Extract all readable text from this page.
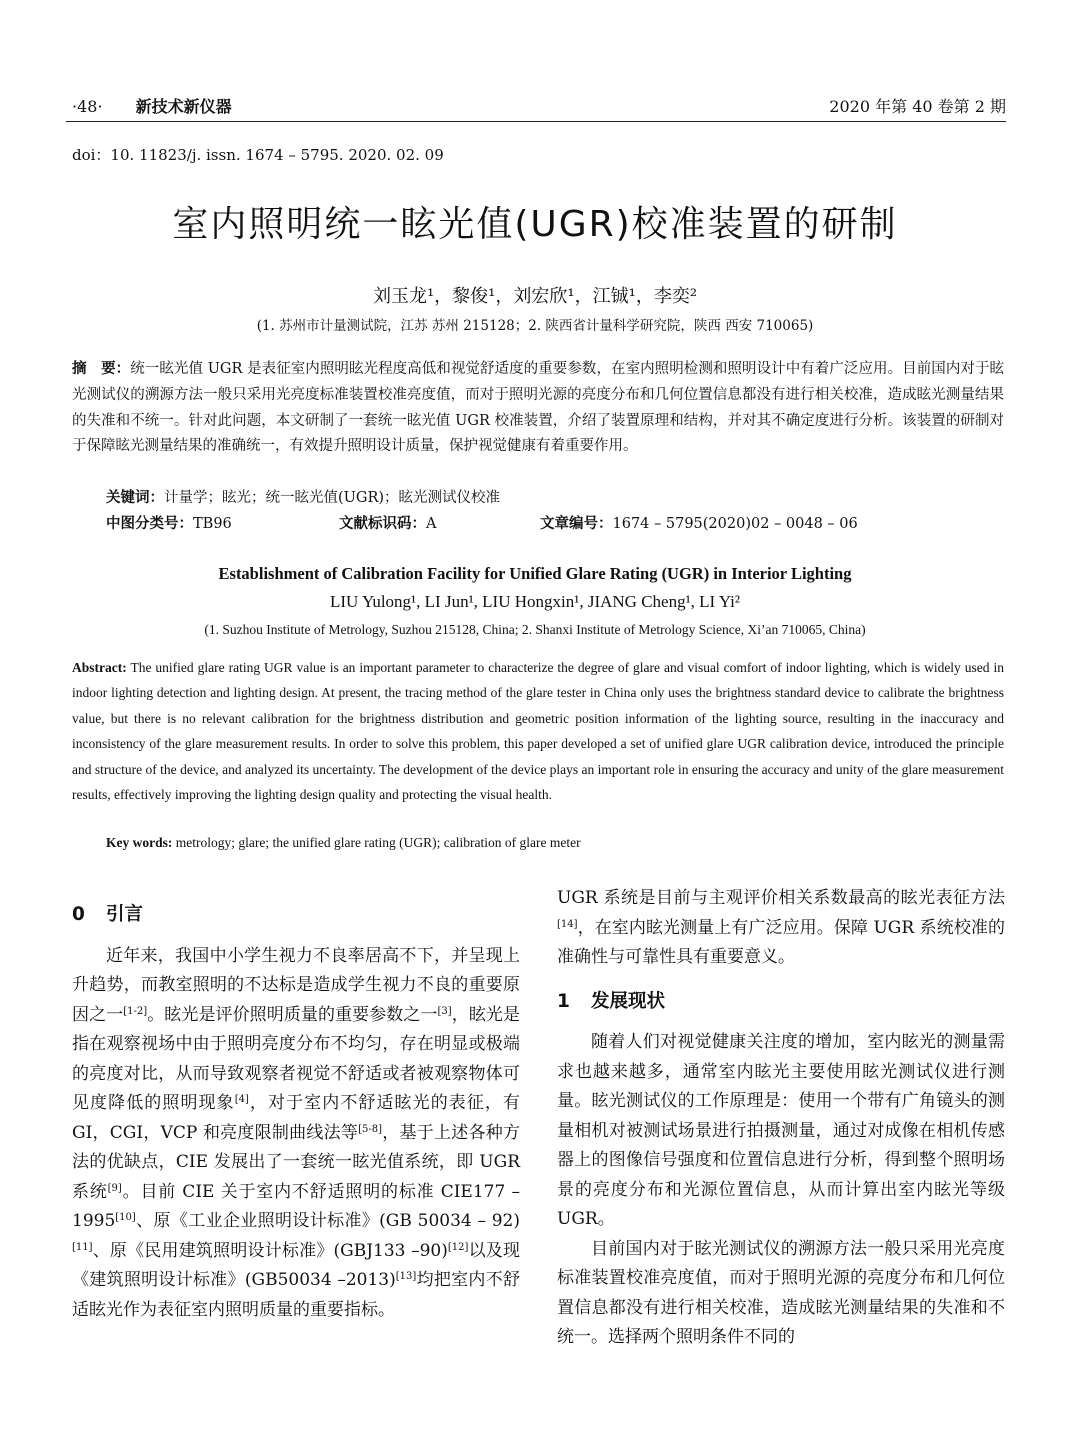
·48· 新技术新仪器	2020 年第 40 卷第 2 期
doi：10. 11823/j. issn. 1674 – 5795. 2020. 02. 09
室内照明统一眩光值(UGR)校准装置的研制
刘玉龙¹，黎俊¹，刘宏欣¹，江铖¹，李奕²
(1. 苏州市计量测试院，江苏 苏州 215128；2. 陕西省计量科学研究院，陕西 西安 710065)
摘　要：统一眩光值 UGR 是表征室内照明眩光程度高低和视觉舒适度的重要参数，在室内照明检测和照明设计中有着广泛应用。目前国内对于眩光测试仪的溯源方法一般只采用光亮度标准装置校准亮度值，而对于照明光源的亮度分布和几何位置信息都没有进行相关校准，造成眩光测量结果的失准和不统一。针对此问题，本文研制了一套统一眩光值 UGR 校准装置，介绍了装置原理和结构，并对其不确定度进行分析。该装置的研制对于保障眩光测量结果的准确统一，有效提升照明设计质量，保护视觉健康有着重要作用。
关键词：计量学；眩光；统一眩光值(UGR)；眩光测试仪校准
中图分类号：TB96	文献标识码：A	文章编号：1674 – 5795(2020)02 – 0048 – 06
Establishment of Calibration Facility for Unified Glare Rating (UGR) in Interior Lighting
LIU Yulong¹, LI Jun¹, LIU Hongxin¹, JIANG Cheng¹, LI Yi²
(1. Suzhou Institute of Metrology, Suzhou 215128, China; 2. Shanxi Institute of Metrology Science, Xi’an 710065, China)
Abstract: The unified glare rating UGR value is an important parameter to characterize the degree of glare and visual comfort of indoor lighting, which is widely used in indoor lighting detection and lighting design. At present, the tracing method of the glare tester in China only uses the brightness standard device to calibrate the brightness value, but there is no relevant calibration for the brightness distribution and geometric position information of the lighting source, resulting in the inaccuracy and inconsistency of the glare measurement results. In order to solve this problem, this paper developed a set of unified glare UGR calibration device, introduced the principle and structure of the device, and analyzed its uncertainty. The development of the device plays an important role in ensuring the accuracy and unity of the glare measurement results, effectively improving the lighting design quality and protecting the visual health.
Key words: metrology; glare; the unified glare rating (UGR); calibration of glare meter
0 引言

近年来，我国中小学生视力不良率居高不下，并呈现上升趋势，而教室照明的不达标是造成学生视力不良的重要原因之一[1-2]。眩光是评价照明质量的重要参数之一[3]，眩光是指在观察视场中由于照明亮度分布不均匀，存在明显或极端的亮度对比，从而导致观察者视觉不舒适或者被观察物体可见度降低的照明现象[4]，对于室内不舒适眩光的表征，有 GI，CGI，VCP 和亮度限制曲线法等[5-8]，基于上述各种方法的优缺点，CIE 发展出了一套统一眩光值系统，即 UGR 系统[9]。目前 CIE 关于室内不舒适照明的标准 CIE177 –1995[10]、原《工业企业照明设计标准》(GB 50034 – 92)[11]、原《民用建筑照明设计标准》(GBJ133 –90)[12]以及现《建筑照明设计标准》(GB50034 –2013)[13]均把室内不舒适眩光作为表征室内照明质量的重要指标。

UGR 系统是目前与主观评价相关系数最高的眩光表征方法[14]，在室内眩光测量上有广泛应用。保障 UGR 系统校准的准确性与可靠性具有重要意义。

1 发展现状

随着人们对视觉健康关注度的增加，室内眩光的测量需求也越来越多，通常室内眩光主要使用眩光测试仪进行测量。眩光测试仪的工作原理是：使用一个带有广角镜头的测量相机对被测试场景进行拍摄测量，通过对成像在相机传感器上的图像信号强度和位置信息进行分析，得到整个照明场景的亮度分布和光源位置信息，从而计算出室内眩光等级 UGR。

目前国内对于眩光测试仪的溯源方法一般只采用光亮度标准装置校准亮度值，而对于照明光源的亮度分布和几何位置信息都没有进行相关校准，造成眩光测量结果的失准和不统一。选择两个照明条件不同的
